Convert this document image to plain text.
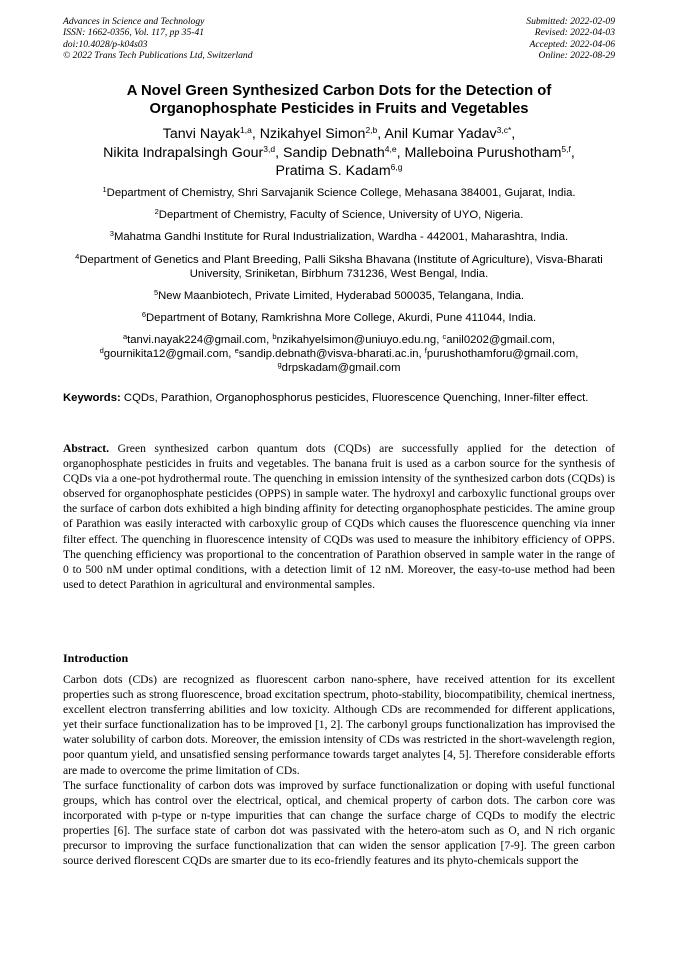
Advances in Science and Technology
ISSN: 1662-0356, Vol. 117, pp 35-41
doi:10.4028/p-k04s03
© 2022 Trans Tech Publications Ltd, Switzerland
Submitted: 2022-02-09
Revised: 2022-04-03
Accepted: 2022-04-06
Online: 2022-08-29
A Novel Green Synthesized Carbon Dots for the Detection of
Organophosphate Pesticides in Fruits and Vegetables
Tanvi Nayak$^{1,a}$, Nzikahyel Simon$^{2,b}$, Anil Kumar Yadav$^{3,c*}$,
Nikita Indrapalsingh Gour$^{3,d}$, Sandip Debnath$^{4,e}$, Malleboina Purushotham$^{5,f}$,
Pratima S. Kadam$^{6,g}$
$^1$Department of Chemistry, Shri Sarvajanik Science College, Mehasana 384001, Gujarat, India.
$^2$Department of Chemistry, Faculty of Science, University of UYO, Nigeria.
$^3$Mahatma Gandhi Institute for Rural Industrialization, Wardha - 442001, Maharashtra, India.
$^4$Department of Genetics and Plant Breeding, Palli Siksha Bhavana (Institute of Agriculture), Visva-Bharati University, Sriniketan, Birbhum 731236, West Bengal, India.
$^5$New Maanbiotech, Private Limited, Hyderabad 500035, Telangana, India.
$^6$Department of Botany, Ramkrishna More College, Akurdi, Pune 411044, India.
$^a$tanvi.nayak224@gmail.com, $^b$nzikahyelsimon@uniuyo.edu.ng, $^c$anil0202@gmail.com,
$^d$gournikita12@gmail.com, $^e$sandip.debnath@visva-bharati.ac.in, $^f$purushothamforu@gmail.com,
$^g$drpskadam@gmail.com
Keywords: CQDs, Parathion, Organophosphorus pesticides, Fluorescence Quenching, Inner-filter effect.
Abstract. Green synthesized carbon quantum dots (CQDs) are successfully applied for the detection of organophosphate pesticides in fruits and vegetables. The banana fruit is used as a carbon source for the synthesis of CQDs via a one-pot hydrothermal route. The quenching in emission intensity of the synthesized carbon dots (CQDs) is observed for organophosphate pesticides (OPPS) in sample water. The hydroxyl and carboxylic functional groups over the surface of carbon dots exhibited a high binding affinity for detecting organophosphate pesticides. The amine group of Parathion was easily interacted with carboxylic group of CQDs which causes the fluorescence quenching via inner filter effect. The quenching in fluorescence intensity of CQDs was used to measure the inhibitory efficiency of OPPS. The quenching efficiency was proportional to the concentration of Parathion observed in sample water in the range of 0 to 500 nM under optimal conditions, with a detection limit of 12 nM. Moreover, the easy-to-use method had been used to detect Parathion in agricultural and environmental samples.
Introduction

Carbon dots (CDs) are recognized as fluorescent carbon nano-sphere, have received attention for its excellent properties such as strong fluorescence, broad excitation spectrum, photo-stability, biocompatibility, chemical inertness, excellent electron transferring abilities and low toxicity. Although CDs are recommended for different applications, yet their surface functionalization has to be improved [1, 2]. The carbonyl groups functionalization has improvised the water solubility of carbon dots. Moreover, the emission intensity of CDs was restricted in the short-wavelength region, poor quantum yield, and unsatisfied sensing performance towards target analytes [4, 5]. Therefore considerable efforts are made to overcome the prime limitation of CDs.

The surface functionality of carbon dots was improved by surface functionalization or doping with useful functional groups, which has control over the electrical, optical, and chemical property of carbon dots. The carbon core was incorporated with p-type or n-type impurities that can change the surface charge of CQDs to modify the electric properties [6]. The surface state of carbon dot was passivated with the hetero-atom such as O, and N rich organic precursor to improving the surface functionalization that can widen the sensor application [7-9]. The green carbon source derived florescent CQDs are smarter due to its eco-friendly features and its phyto-chemicals support the
